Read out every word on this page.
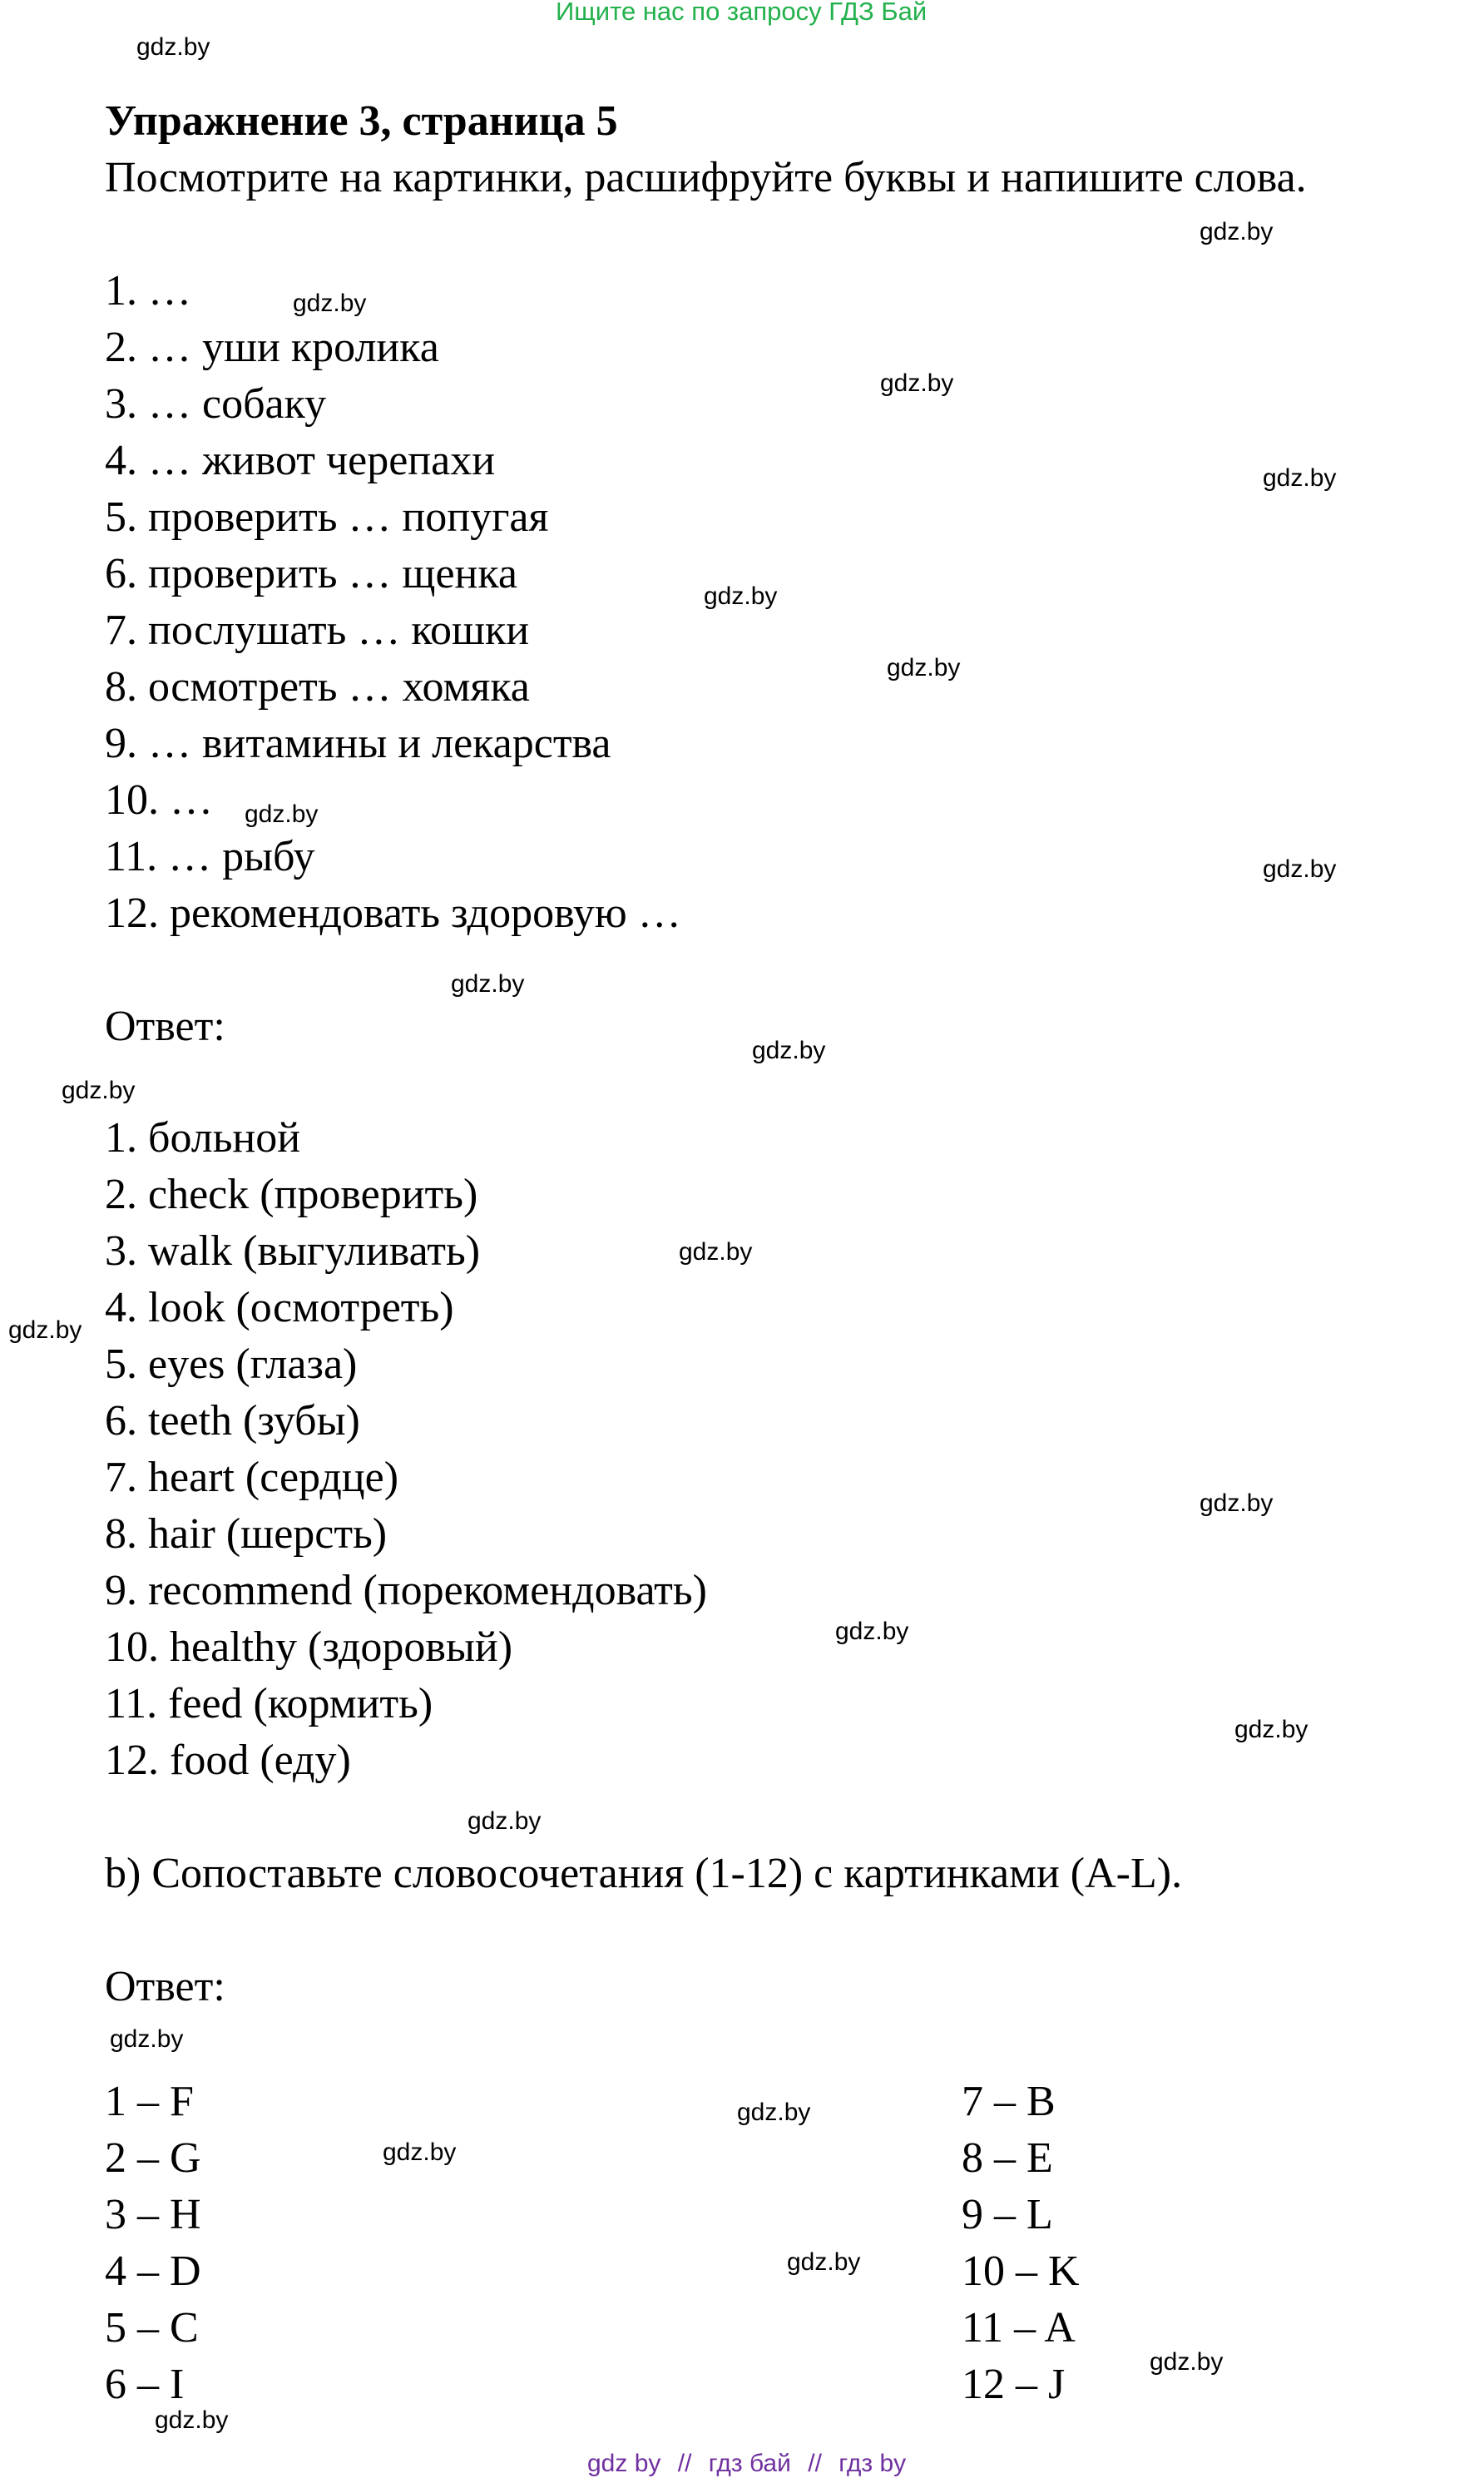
Ищите нас по запросу ГДЗ Бай
Упражнение 3, страница 5
Посмотрите на картинки, расшифруйте буквы и напишите слова.
1. …
2. … уши кролика
3. … собаку
4. … живот черепахи
5. проверить … попугая
6. проверить … щенка
7. послушать … кошки
8. осмотреть … хомяка
9. … витамины и лекарства
10. …
11. … рыбу
12. рекомендовать здоровую …
Ответ:
1. больной
2. check (проверить)
3. walk (выгуливать)
4. look (осмотреть)
5. eyes (глаза)
6. teeth (зубы)
7. heart (сердце)
8. hair (шерсть)
9. recommend (порекомендовать)
10. healthy (здоровый)
11. feed (кормить)
12. food (еду)
b) Сопоставьте словосочетания (1-12) с картинками (A-L).
Ответ:
1 – F
2 – G
3 – H
4 – D
5 – C
6 – I
7 – B
8 – E
9 – L
10 – K
11 – A
12 – J
gdz.by
gdz.by
gdz.by
gdz.by
gdz.by
gdz.by
gdz.by
gdz.by
gdz.by
gdz.by
gdz.by
gdz.by
gdz.by
gdz.by
gdz.by
gdz.by
gdz.by
gdz.by
gdz.by
gdz.by
gdz.by
gdz.by
gdz.by
gdz.by
gdz by // гдз бай // гдз by
